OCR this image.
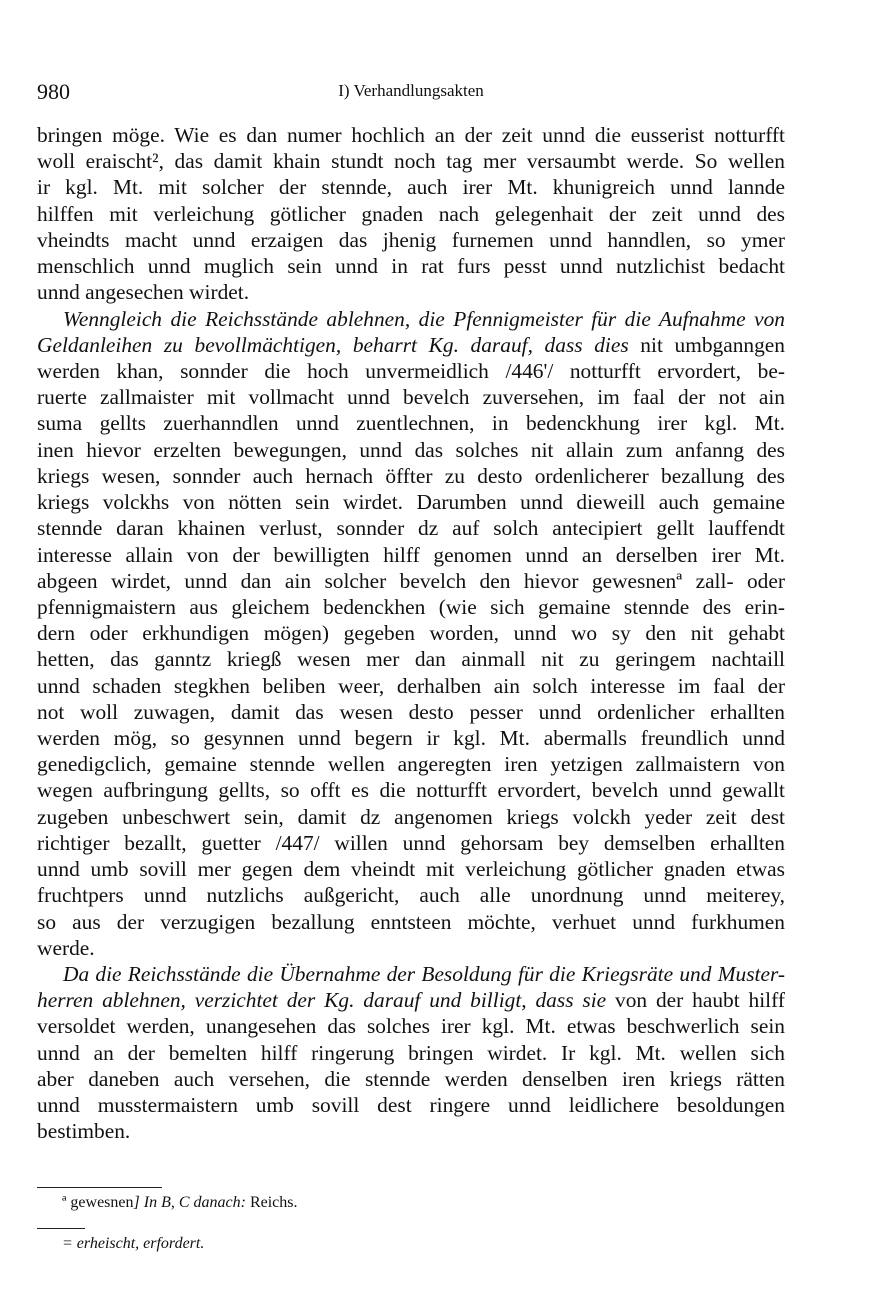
980	I) Verhandlungsakten
bringen möge. Wie es dan numer hochlich an der zeit unnd die eusserist notturfft
woll eraischt², das damit khain stundt noch tag mer versaumbt werde. So wellen
ir kgl. Mt. mit solcher der stennde, auch irer Mt. khunigreich unnd lannde
hilffen mit verleichung götlicher gnaden nach gelegenhait der zeit unnd des
vheindts macht unnd erzaigen das jhenig furnemen unnd hanndlen, so ymer
menschlich unnd muglich sein unnd in rat furs pesst unnd nutzlichist bedacht
unnd angesechen wirdet.
Wenngleich die Reichsstände ablehnen, die Pfennigmeister für die Aufnahme von
Geldanleihen zu bevollmächtigen, beharrt Kg. darauf, dass dies nit umbganngen
werden khan, sonnder die hoch unvermeidlich /446'/ notturfft ervordert, be-
ruerte zallmaister mit vollmacht unnd bevelch zuversehen, im faal der not ain
suma gellts zuerhanndlen unnd zuentlechnen, in bedenckhung irer kgl. Mt.
inen hievor erzelten bewegungen, unnd das solches nit allain zum anfanng des
kriegs wesen, sonnder auch hernach öffter zu desto ordenlicherer bezallung des
kriegs volckhs von nötten sein wirdet. Darumben unnd dieweill auch gemaine
stennde daran khainen verlust, sonnder dz auf solch antecipiert gellt lauffendt
interesse allain von der bewilligten hilff genomen unnd an derselben irer Mt.
abgeen wirdet, unnd dan ain solcher bevelch den hievor gewesnenª zall- oder
pfennigmaistern aus gleichem bedenckhen (wie sich gemaine stennde des erin-
dern oder erkhundigen mögen) gegeben worden, unnd wo sy den nit gehabt
hetten, das ganntz kriegß wesen mer dan ainmall nit zu geringem nachtaill
unnd schaden stegkhen beliben weer, derhalben ain solch interesse im faal der
not woll zuwagen, damit das wesen desto pesser unnd ordenlicher erhallten
werden mög, so gesynnen unnd begern ir kgl. Mt. abermalls freundlich unnd
genedigclich, gemaine stennde wellen angeregten iren yetzigen zallmaistern von
wegen aufbringung gellts, so offt es die notturfft ervordert, bevelch unnd gewallt
zugeben unbeschwert sein, damit dz angenomen kriegs volckh yeder zeit dest
richtiger bezallt, guetter /447/ willen unnd gehorsam bey demselben erhallten
unnd umb sovill mer gegen dem vheindt mit verleichung götlicher gnaden etwas
fruchtpers unnd nutzlichs außgericht, auch alle unordnung unnd meiterey,
so aus der verzugigen bezallung enntsteen möchte, verhuet unnd furkhumen
werde.
Da die Reichsstände die Übernahme der Besoldung für die Kriegsräte und Muster-
herren ablehnen, verzichtet der Kg. darauf und billigt, dass sie von der haubt hilff
versoldet werden, unangesehen das solches irer kgl. Mt. etwas beschwerlich sein
unnd an der bemelten hilff ringerung bringen wirdet. Ir kgl. Mt. wellen sich
aber daneben auch versehen, die stennde werden denselben iren kriegs rätten
unnd musstermaistern umb sovill dest ringere unnd leidlichere besoldungen
bestimben.
ª gewesnen] In B, C danach: Reichs.
= erheischt, erfordert.
